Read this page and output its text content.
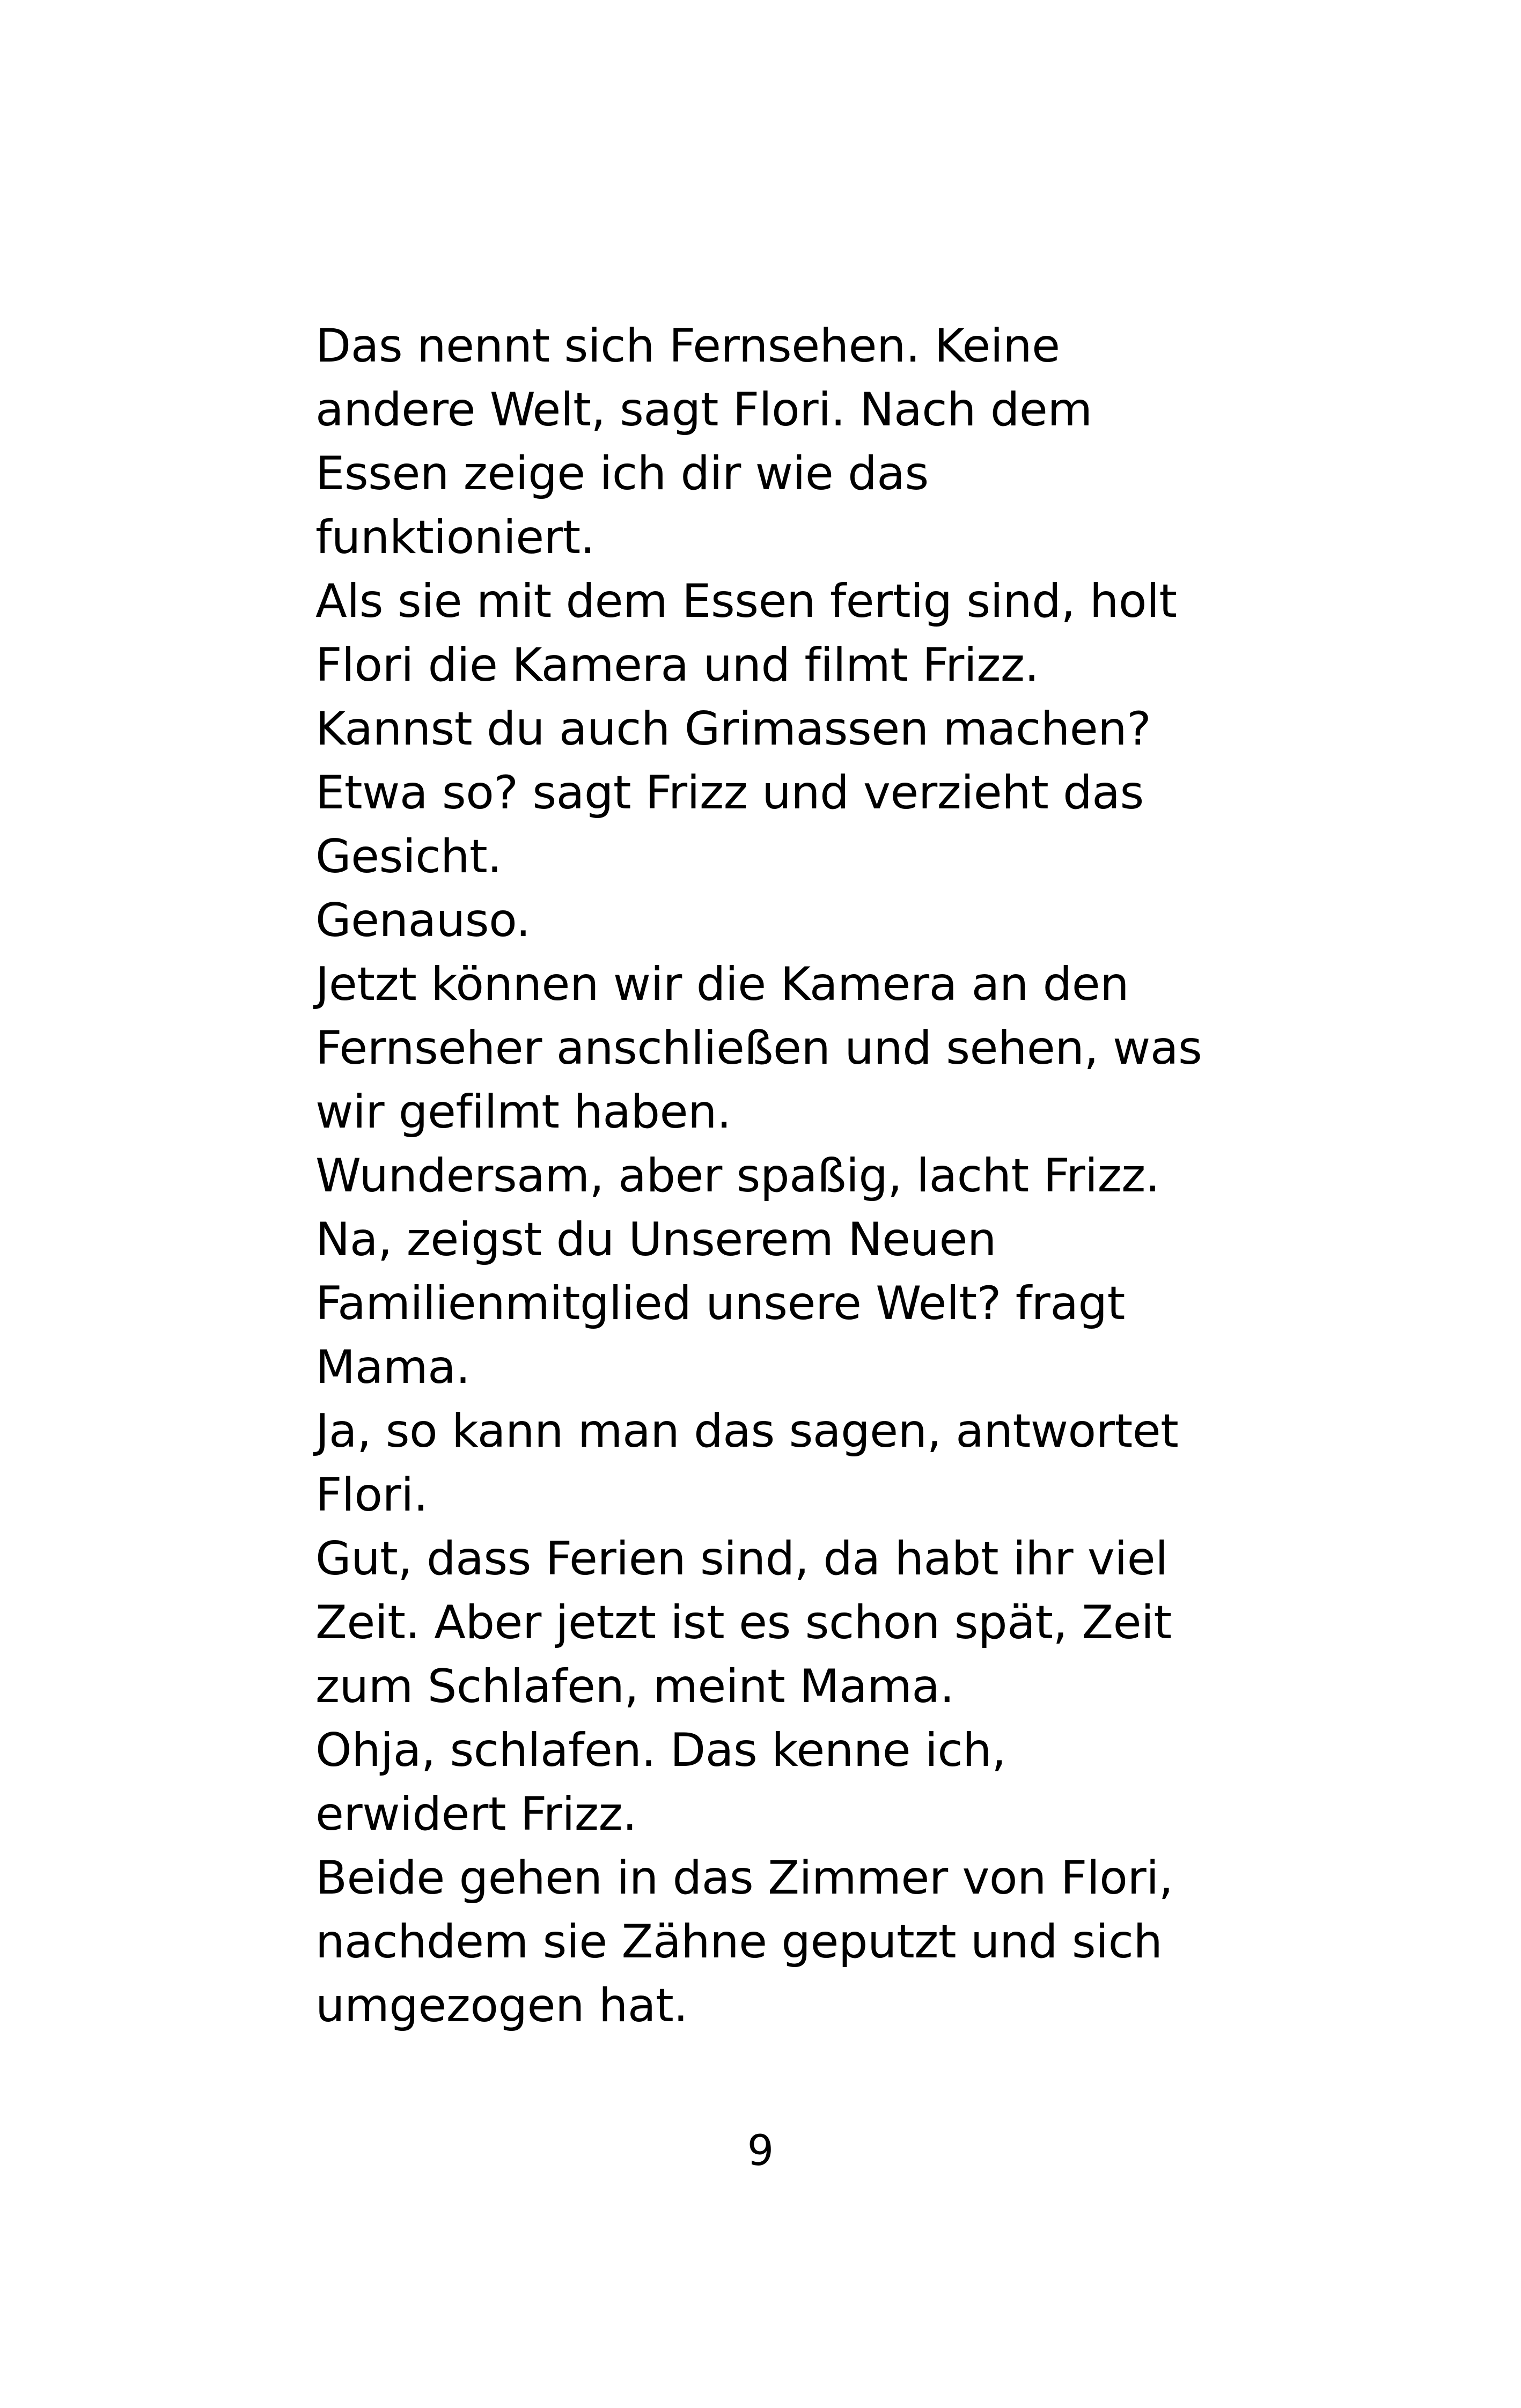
Das nennt sich Fernsehen. Keine
andere Welt, sagt Flori. Nach dem
Essen zeige ich dir wie das
funktioniert.
Als sie mit dem Essen fertig sind, holt
Flori die Kamera und filmt Frizz.
Kannst du auch Grimassen machen?
Etwa so? sagt Frizz und verzieht das
Gesicht.
Genauso.
Jetzt können wir die Kamera an den
Fernseher anschließen und sehen, was
wir gefilmt haben.
Wundersam, aber spaßig, lacht Frizz.
Na, zeigst du Unserem Neuen
Familienmitglied unsere Welt? fragt
Mama.
Ja, so kann man das sagen, antwortet
Flori.
Gut, dass Ferien sind, da habt ihr viel
Zeit. Aber jetzt ist es schon spät, Zeit
zum Schlafen, meint Mama.
Ohja, schlafen. Das kenne ich,
erwidert Frizz.
Beide gehen in das Zimmer von Flori,
nachdem sie Zähne geputzt und sich
umgezogen hat.
9
